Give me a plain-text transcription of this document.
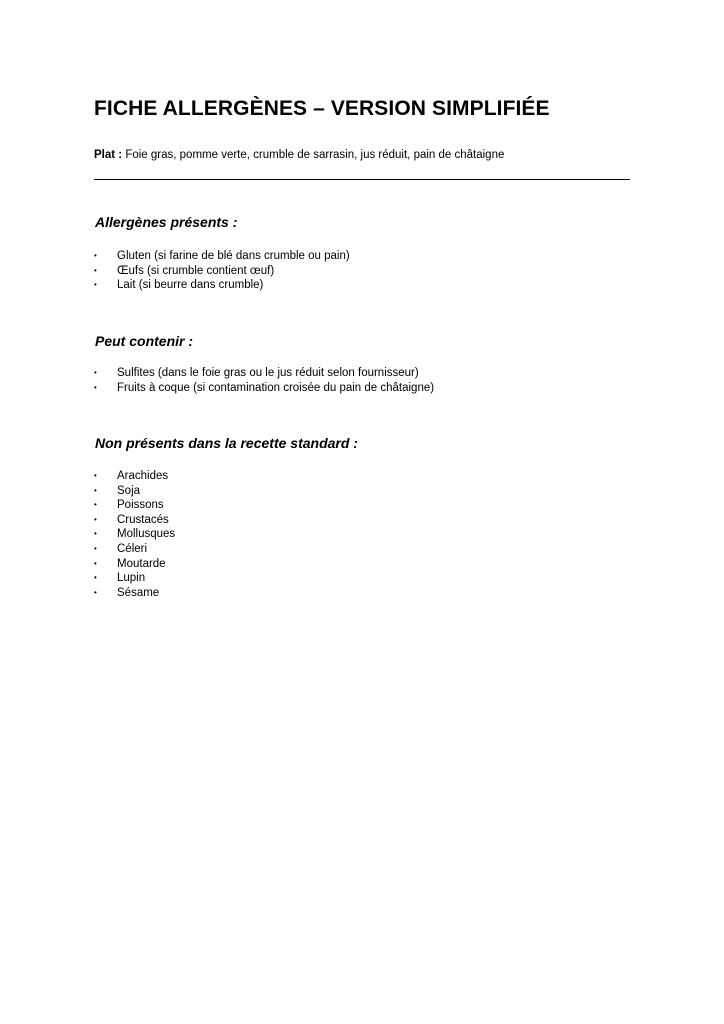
FICHE ALLERGÈNES – VERSION SIMPLIFIÉE

Plat : Foie gras, pomme verte, crumble de sarrasin, jus réduit, pain de châtaigne

Allergènes présents :
•	Gluten (si farine de blé dans crumble ou pain)
•	Œufs (si crumble contient œuf)
•	Lait (si beurre dans crumble)
Peut contenir :
•	Sulfites (dans le foie gras ou le jus réduit selon fournisseur)
•	Fruits à coque (si contamination croisée du pain de châtaigne)
Non présents dans la recette standard :
•	Arachides
•	Soja
•	Poissons
•	Crustacés
•	Mollusques
•	Céleri
•	Moutarde
•	Lupin
•	Sésame
